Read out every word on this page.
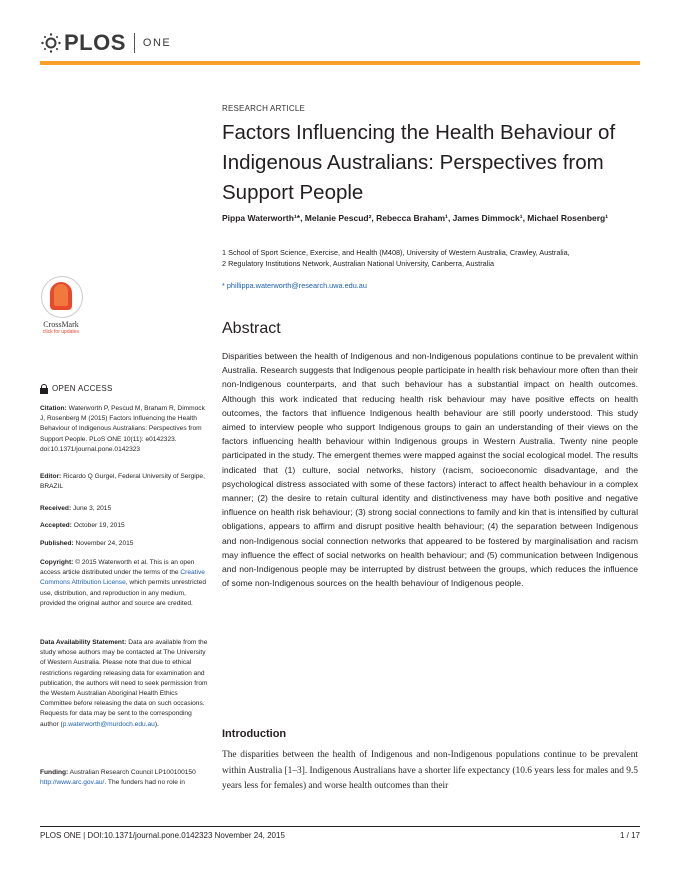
PLOS ONE
RESEARCH ARTICLE
Factors Influencing the Health Behaviour of Indigenous Australians: Perspectives from Support People
Pippa Waterworth¹*, Melanie Pescud², Rebecca Braham¹, James Dimmock¹, Michael Rosenberg¹
1 School of Sport Science, Exercise, and Health (M408), University of Western Australia, Crawley, Australia,
2 Regulatory Institutions Network, Australian National University, Canberra, Australia
* phillippa.waterworth@research.uwa.edu.au
Abstract
Disparities between the health of Indigenous and non-Indigenous populations continue to be prevalent within Australia. Research suggests that Indigenous people participate in health risk behaviour more often than their non-Indigenous counterparts, and that such behaviour has a substantial impact on health outcomes. Although this work indicated that reducing health risk behaviour may have positive effects on health outcomes, the factors that influence Indigenous health behaviour are still poorly understood. This study aimed to interview people who support Indigenous groups to gain an understanding of their views on the factors influencing health behaviour within Indigenous groups in Western Australia. Twenty nine people participated in the study. The emergent themes were mapped against the social ecological model. The results indicated that (1) culture, social networks, history (racism, socioeconomic disadvantage, and the psychological distress associated with some of these factors) interact to affect health behaviour in a complex manner; (2) the desire to retain cultural identity and distinctiveness may have both positive and negative influence on health risk behaviour; (3) strong social connections to family and kin that is intensified by cultural obligations, appears to affirm and disrupt positive health behaviour; (4) the separation between Indigenous and non-Indigenous social connection networks that appeared to be fostered by marginalisation and racism may influence the effect of social networks on health behaviour; and (5) communication between Indigenous and non-Indigenous people may be interrupted by distrust between the groups, which reduces the influence of some non-Indigenous sources on the health behaviour of Indigenous people.
Introduction
The disparities between the health of Indigenous and non-Indigenous populations continue to be prevalent within Australia [1–3]. Indigenous Australians have a shorter life expectancy (10.6 years less for males and 9.5 years less for females) and worse health outcomes than their
CrossMark
click for updates
OPEN ACCESS
Citation: Waterworth P, Pescud M, Braham R, Dimmock J, Rosenberg M (2015) Factors Influencing the Health Behaviour of Indigenous Australians: Perspectives from Support People. PLoS ONE 10(11): e0142323. doi:10.1371/journal.pone.0142323
Editor: Ricardo Q Gurgel, Federal University of Sergipe, BRAZIL
Received: June 3, 2015
Accepted: October 19, 2015
Published: November 24, 2015
Copyright: © 2015 Waterworth et al. This is an open access article distributed under the terms of the Creative Commons Attribution License, which permits unrestricted use, distribution, and reproduction in any medium, provided the original author and source are credited.
Data Availability Statement: Data are available from the study whose authors may be contacted at The University of Western Australia. Please note that due to ethical restrictions regarding releasing data for examination and publication, the authors will need to seek permission from the Western Australian Aboriginal Health Ethics Committee before releasing the data on such occasions. Requests for data may be sent to the corresponding author (p.waterworth@murdoch.edu.au).
Funding: Australian Research Council LP100100150 http://www.arc.gov.au/. The funders had no role in
PLOS ONE | DOI:10.1371/journal.pone.0142323 November 24, 2015	1 / 17
